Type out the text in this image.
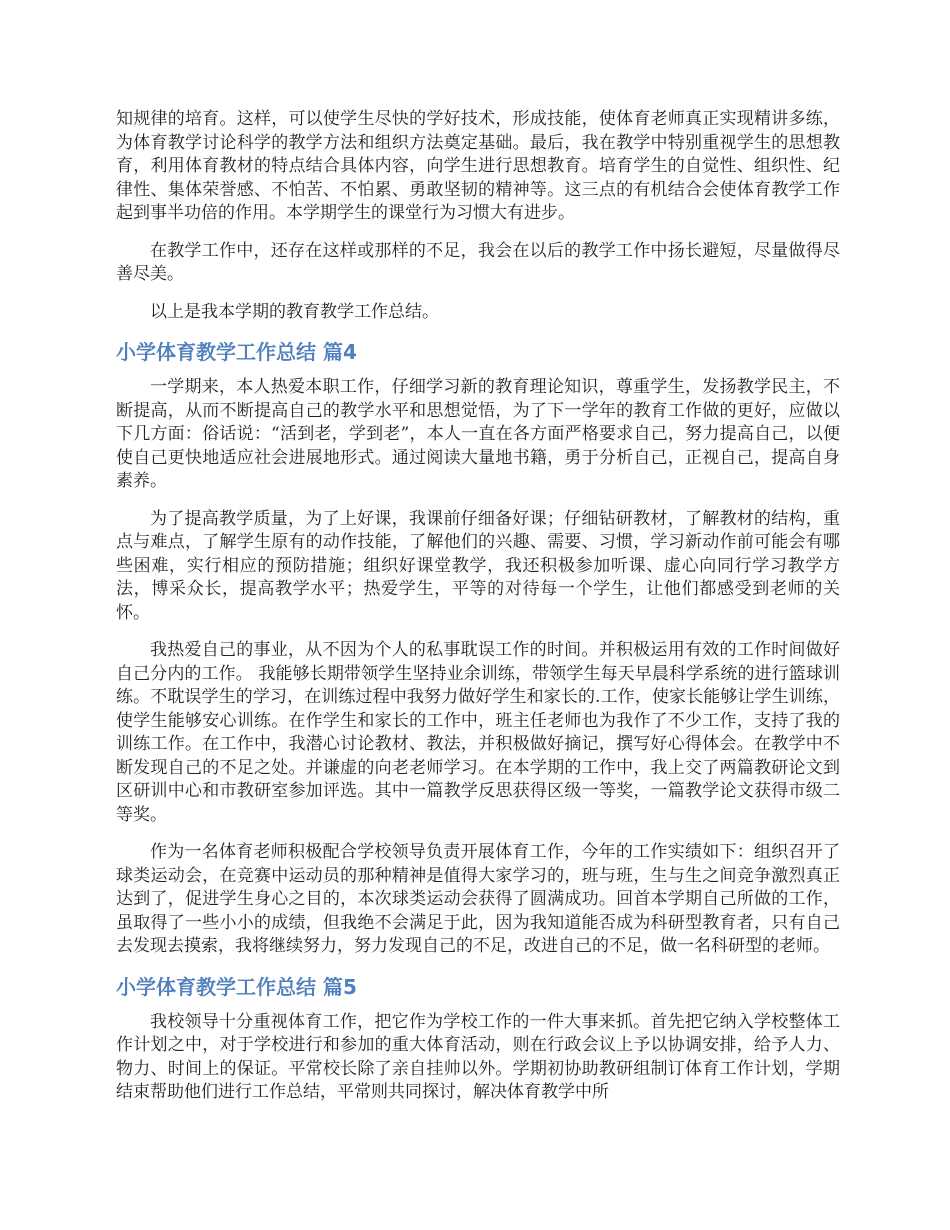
知规律的培育。这样，可以使学生尽快的学好技术，形成技能，使体育老师真正实现精讲多练，为体育教学讨论科学的教学方法和组织方法奠定基础。最后，我在教学中特别重视学生的思想教育，利用体育教材的特点结合具体内容，向学生进行思想教育。培育学生的自觉性、组织性、纪律性、集体荣誉感、不怕苦、不怕累、勇敢坚韧的精神等。这三点的有机结合会使体育教学工作起到事半功倍的作用。本学期学生的课堂行为习惯大有进步。

在教学工作中，还存在这样或那样的不足，我会在以后的教学工作中扬长避短，尽量做得尽善尽美。

以上是我本学期的教育教学工作总结。

小学体育教学工作总结 篇4

一学期来，本人热爱本职工作，仔细学习新的教育理论知识，尊重学生，发扬教学民主，不断提高，从而不断提高自己的教学水平和思想觉悟，为了下一学年的教育工作做的更好，应做以下几方面：俗话说：“活到老，学到老”，本人一直在各方面严格要求自己，努力提高自己，以便使自己更快地适应社会进展地形式。通过阅读大量地书籍，勇于分析自己，正视自己，提高自身素养。

为了提高教学质量，为了上好课，我课前仔细备好课；仔细钻研教材，了解教材的结构，重点与难点，了解学生原有的动作技能，了解他们的兴趣、需要、习惯，学习新动作前可能会有哪些困难，实行相应的预防措施；组织好课堂教学，我还积极参加听课、虚心向同行学习教学方法，博采众长，提高教学水平；热爱学生，平等的对待每一个学生，让他们都感受到老师的关怀。

我热爱自己的事业，从不因为个人的私事耽误工作的时间。并积极运用有效的工作时间做好自己分内的工作。 我能够长期带领学生坚持业余训练，带领学生每天早晨科学系统的进行篮球训练。不耽误学生的学习，在训练过程中我努力做好学生和家长的.工作，使家长能够让学生训练，使学生能够安心训练。在作学生和家长的工作中，班主任老师也为我作了不少工作，支持了我的训练工作。在工作中，我潜心讨论教材、教法，并积极做好摘记，撰写好心得体会。在教学中不断发现自己的不足之处。并谦虚的向老老师学习。在本学期的工作中，我上交了两篇教研论文到区研训中心和市教研室参加评选。其中一篇教学反思获得区级一等奖，一篇教学论文获得市级二等奖。

作为一名体育老师积极配合学校领导负责开展体育工作，今年的工作实绩如下：组织召开了球类运动会，在竞赛中运动员的那种精神是值得大家学习的，班与班，生与生之间竞争激烈真正达到了，促进学生身心之目的，本次球类运动会获得了圆满成功。回首本学期自己所做的工作，虽取得了一些小小的成绩，但我绝不会满足于此，因为我知道能否成为科研型教育者，只有自己去发现去摸索，我将继续努力，努力发现自己的不足，改进自己的不足，做一名科研型的老师。

小学体育教学工作总结 篇5

我校领导十分重视体育工作，把它作为学校工作的一件大事来抓。首先把它纳入学校整体工作计划之中，对于学校进行和参加的重大体育活动，则在行政会议上予以协调安排，给予人力、物力、时间上的保证。平常校长除了亲自挂帅以外。学期初协助教研组制订体育工作计划，学期结束帮助他们进行工作总结，平常则共同探讨，解决体育教学中所
